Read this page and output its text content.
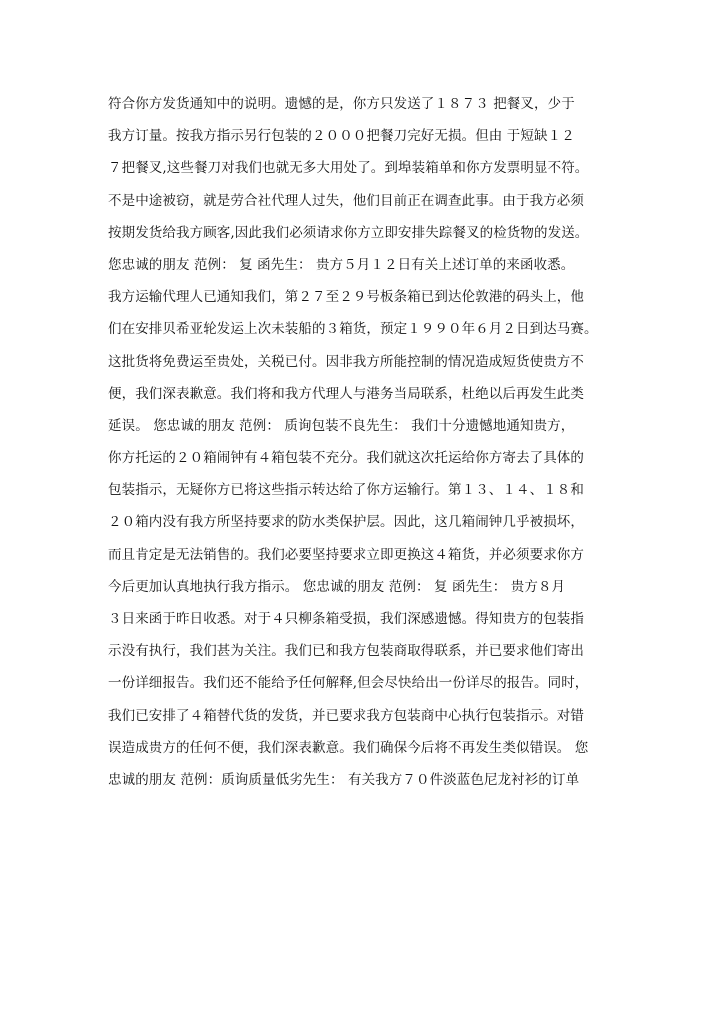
符合你方发货通知中的说明。遗憾的是，你方只发送了１８７３ 把餐叉，少于
我方订量。按我方指示另行包装的２０００把餐刀完好无损。但由 于短缺１２
７把餐叉,这些餐刀对我们也就无多大用处了。到埠装箱单和你方发票明显不符。
不是中途被窃，就是劳合社代理人过失，他们目前正在调查此事。由于我方必须
按期发货给我方顾客,因此我们必须请求你方立即安排失踪餐叉的检货物的发送。
您忠诚的朋友 范例： 复 函先生： 贵方５月１２日有关上述订单的来函收悉。
我方运输代理人已通知我们，第２７至２９号板条箱已到达伦敦港的码头上，他
们在安排贝希亚轮发运上次未装船的３箱货，预定１９９０年６月２日到达马赛。
这批货将免费运至贵处，关税已付。因非我方所能控制的情况造成短货使贵方不
便，我们深表歉意。我们将和我方代理人与港务当局联系，杜绝以后再发生此类
延误。 您忠诚的朋友 范例： 质询包装不良先生： 我们十分遗憾地通知贵方，
你方托运的２０箱闹钟有４箱包装不充分。我们就这次托运给你方寄去了具体的
包装指示，无疑你方已将这些指示转达给了你方运输行。第１３、１４、１８和
２０箱内没有我方所坚持要求的防水类保护层。因此，这几箱闹钟几乎被损坏，
而且肯定是无法销售的。我们必要坚持要求立即更换这４箱货，并必须要求你方
今后更加认真地执行我方指示。 您忠诚的朋友 范例： 复 函先生： 贵方８月
３日来函于昨日收悉。对于４只柳条箱受损，我们深感遗憾。得知贵方的包装指
示没有执行，我们甚为关注。我们已和我方包装商取得联系，并已要求他们寄出
一份详细报告。我们还不能给予任何解释,但会尽快给出一份详尽的报告。同时，
我们已安排了４箱替代货的发货，并已要求我方包装商中心执行包装指示。对错
误造成贵方的任何不便，我们深表歉意。我们确保今后将不再发生类似错误。 您
忠诚的朋友 范例：质询质量低劣先生： 有关我方７０件淡蓝色尼龙衬衫的订单
